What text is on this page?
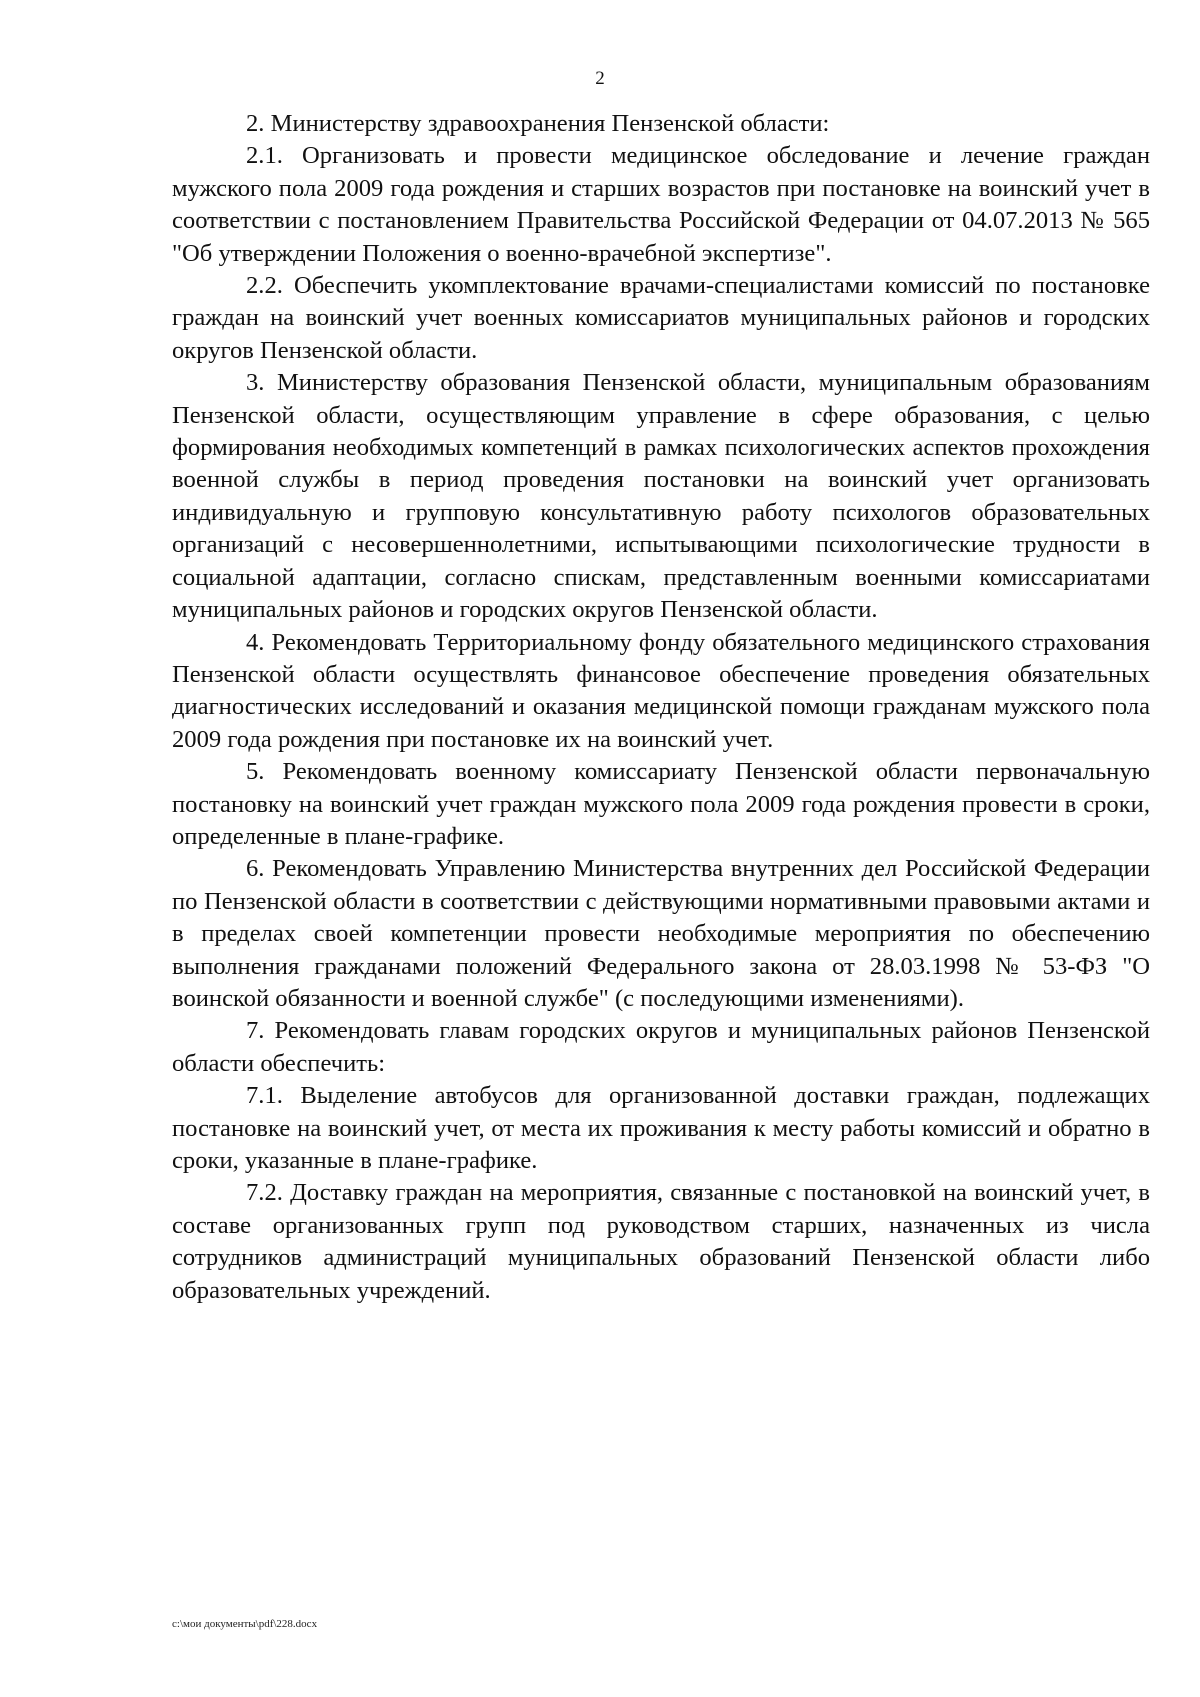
2

2. Министерству здравоохранения Пензенской области:

2.1. Организовать и провести медицинское обследование и лечение граждан мужского пола 2009 года рождения и старших возрастов при постановке на воинский учет в соответствии с постановлением Правительства Российской Федерации от 04.07.2013 № 565 "Об утверждении Положения о военно-врачебной экспертизе".

2.2. Обеспечить укомплектование врачами-специалистами комиссий по постановке граждан на воинский учет военных комиссариатов муниципальных районов и городских округов Пензенской области.

3. Министерству образования Пензенской области, муниципальным образованиям Пензенской области, осуществляющим управление в сфере образования, с целью формирования необходимых компетенций в рамках психологических аспектов прохождения военной службы в период проведения постановки на воинский учет организовать индивидуальную и групповую консультативную работу психологов образовательных организаций с несовершеннолетними, испытывающими психологические трудности в социальной адаптации, согласно спискам, представленным военными комиссариатами муниципальных районов и городских округов Пензенской области.

4. Рекомендовать Территориальному фонду обязательного медицинского страхования Пензенской области осуществлять финансовое обеспечение проведения обязательных диагностических исследований и оказания медицинской помощи гражданам мужского пола 2009 года рождения при постановке их на воинский учет.

5. Рекомендовать военному комиссариату Пензенской области первоначальную постановку на воинский учет граждан мужского пола 2009 года рождения провести в сроки, определенные в плане-графике.

6. Рекомендовать Управлению Министерства внутренних дел Российской Федерации по Пензенской области в соответствии с действующими нормативными правовыми актами и в пределах своей компетенции провести необходимые мероприятия по обеспечению выполнения гражданами положений Федерального закона от 28.03.1998 № 53-ФЗ "О воинской обязанности и военной службе" (с последующими изменениями).

7. Рекомендовать главам городских округов и муниципальных районов Пензенской области обеспечить:

7.1. Выделение автобусов для организованной доставки граждан, подлежащих постановке на воинский учет, от места их проживания к месту работы комиссий и обратно в сроки, указанные в плане-графике.

7.2. Доставку граждан на мероприятия, связанные с постановкой на воинский учет, в составе организованных групп под руководством старших, назначенных из числа сотрудников администраций муниципальных образований Пензенской области либо образовательных учреждений.

c:\мои документы\pdf\228.docx
